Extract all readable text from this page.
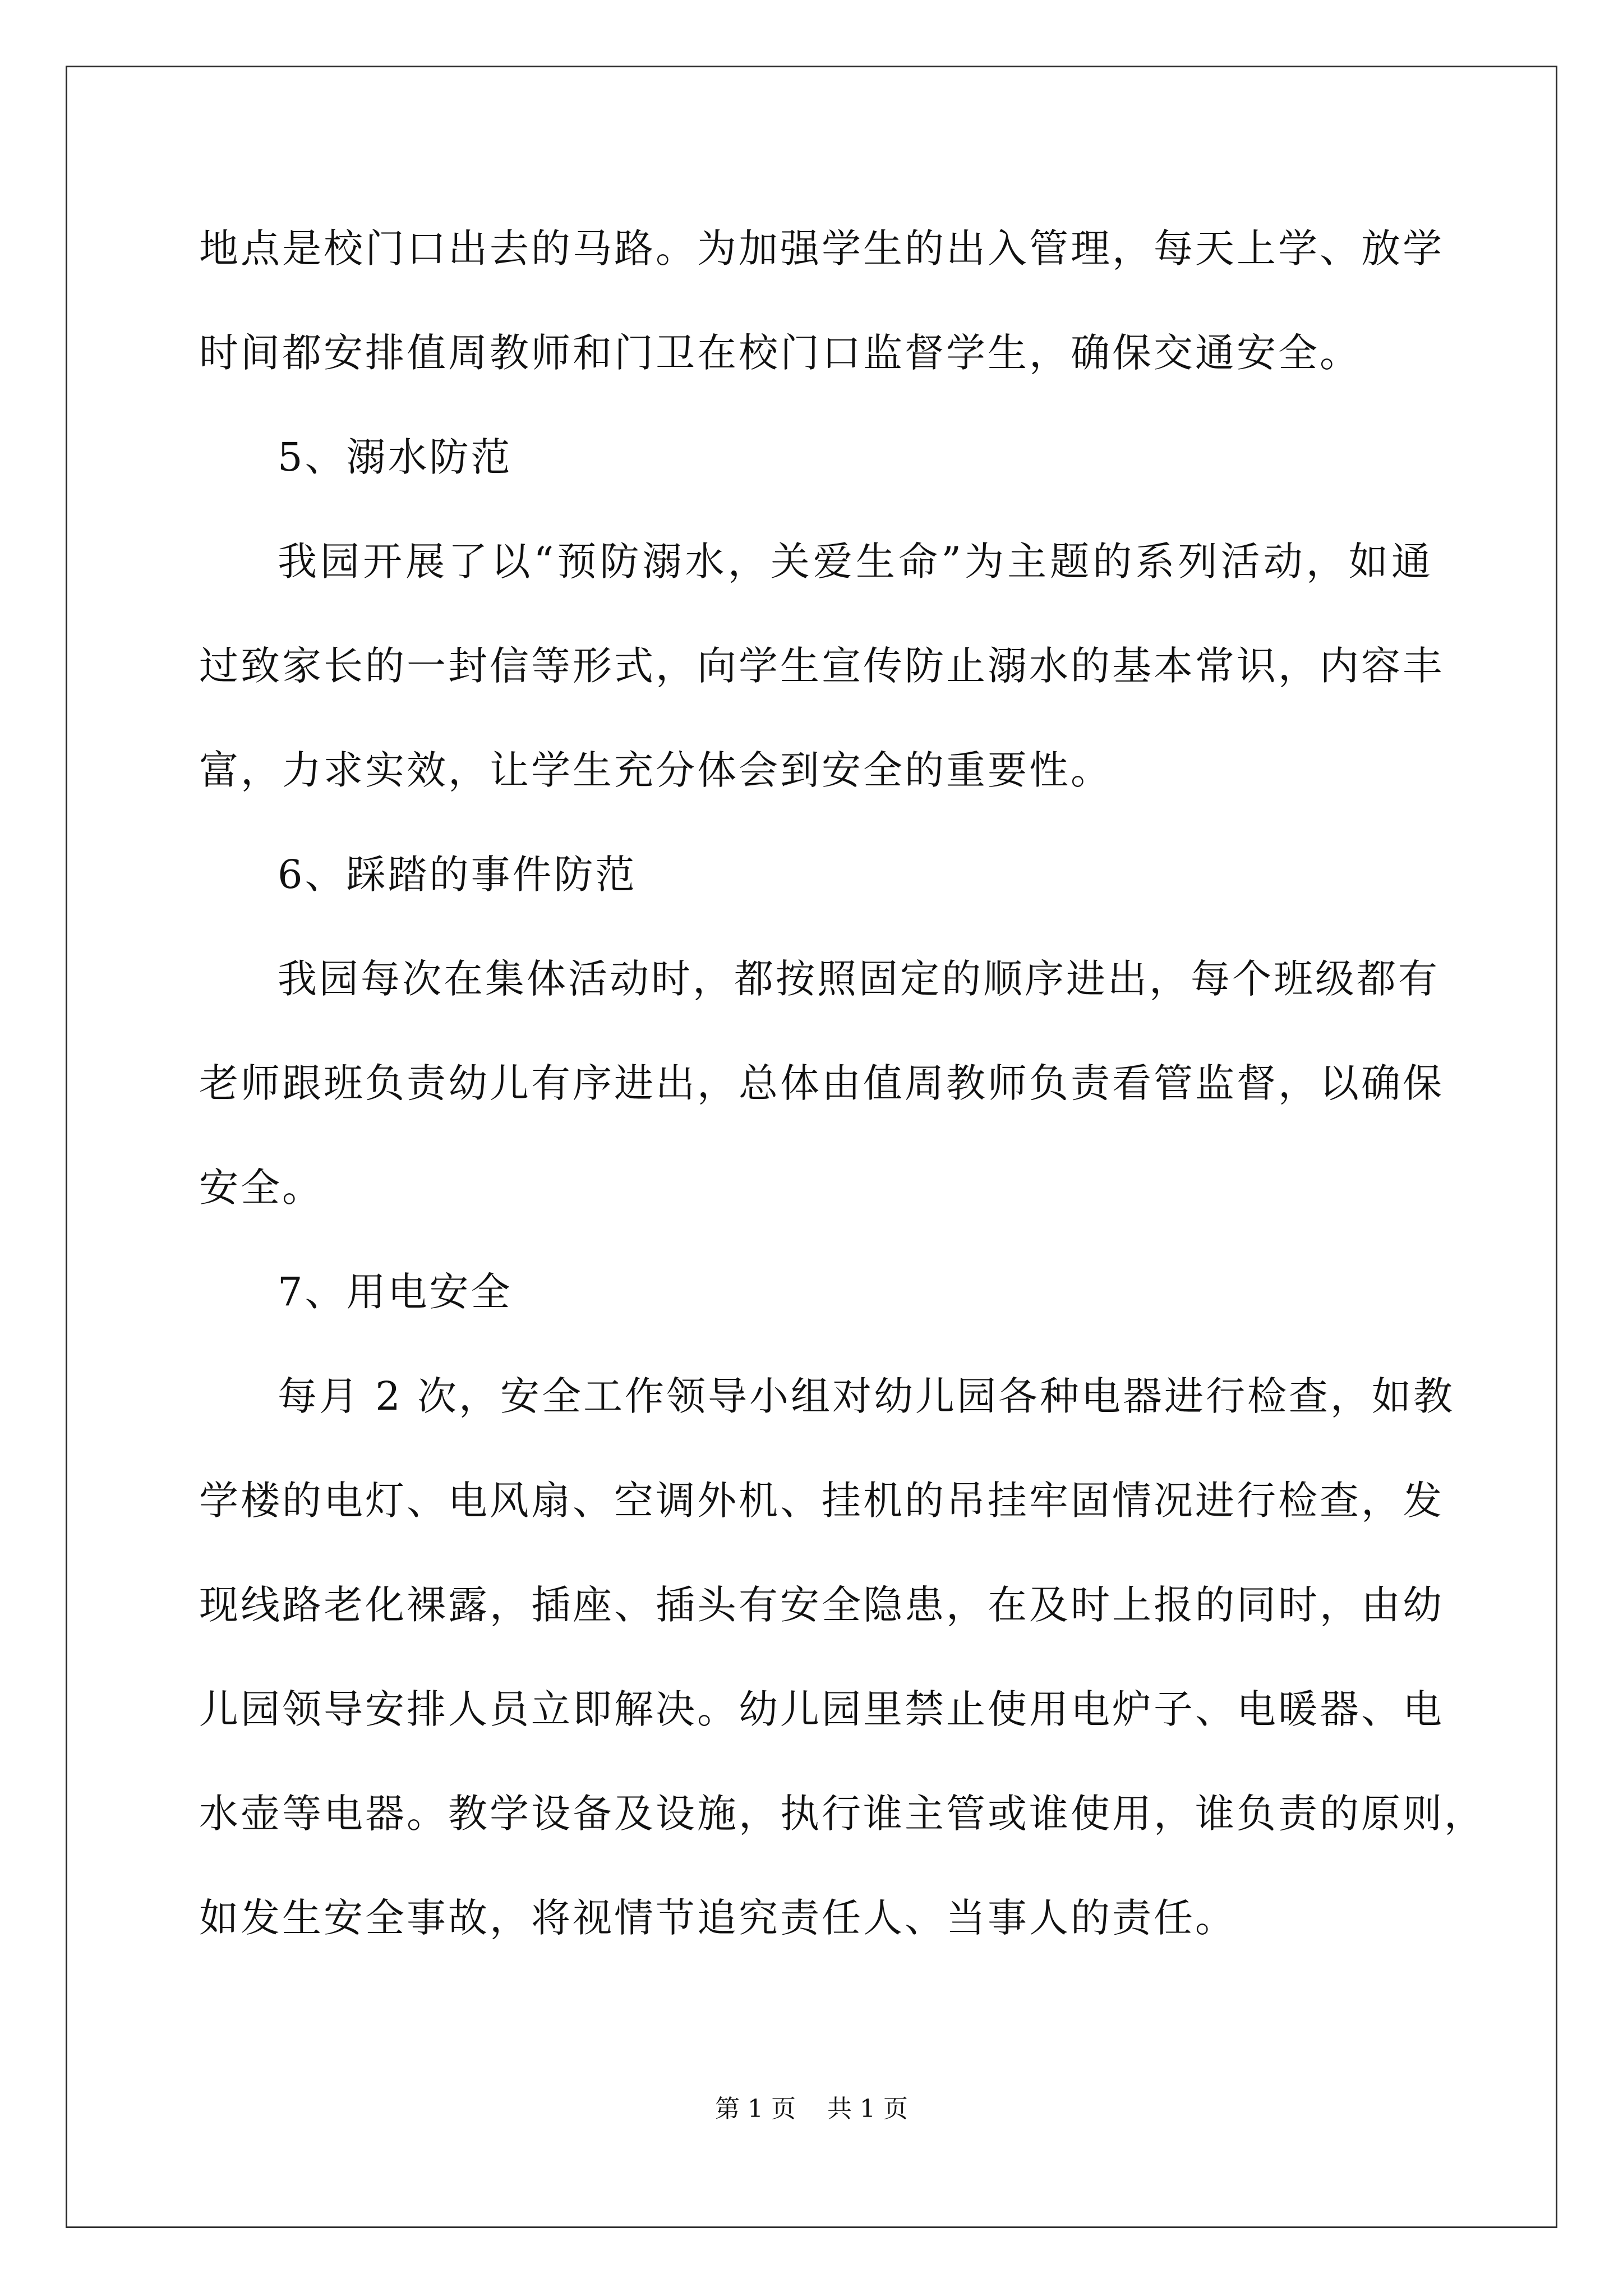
地点是校门口出去的马路。为加强学生的出入管理，每天上学、放学
时间都安排值周教师和门卫在校门口监督学生，确保交通安全。
5、溺水防范
我园开展了以“预防溺水，关爱生命”为主题的系列活动，如通
过致家长的一封信等形式，向学生宣传防止溺水的基本常识，内容丰
富，力求实效，让学生充分体会到安全的重要性。
6、踩踏的事件防范
我园每次在集体活动时，都按照固定的顺序进出，每个班级都有
老师跟班负责幼儿有序进出，总体由值周教师负责看管监督，以确保
安全。
7、用电安全
每月 2 次，安全工作领导小组对幼儿园各种电器进行检查，如教
学楼的电灯、电风扇、空调外机、挂机的吊挂牢固情况进行检查，发
现线路老化裸露，插座、插头有安全隐患，在及时上报的同时，由幼
儿园领导安排人员立即解决。幼儿园里禁止使用电炉子、电暖器、电
水壶等电器。教学设备及设施，执行谁主管或谁使用，谁负责的原则，
如发生安全事故，将视情节追究责任人、当事人的责任。
第 1 页    共 1 页
